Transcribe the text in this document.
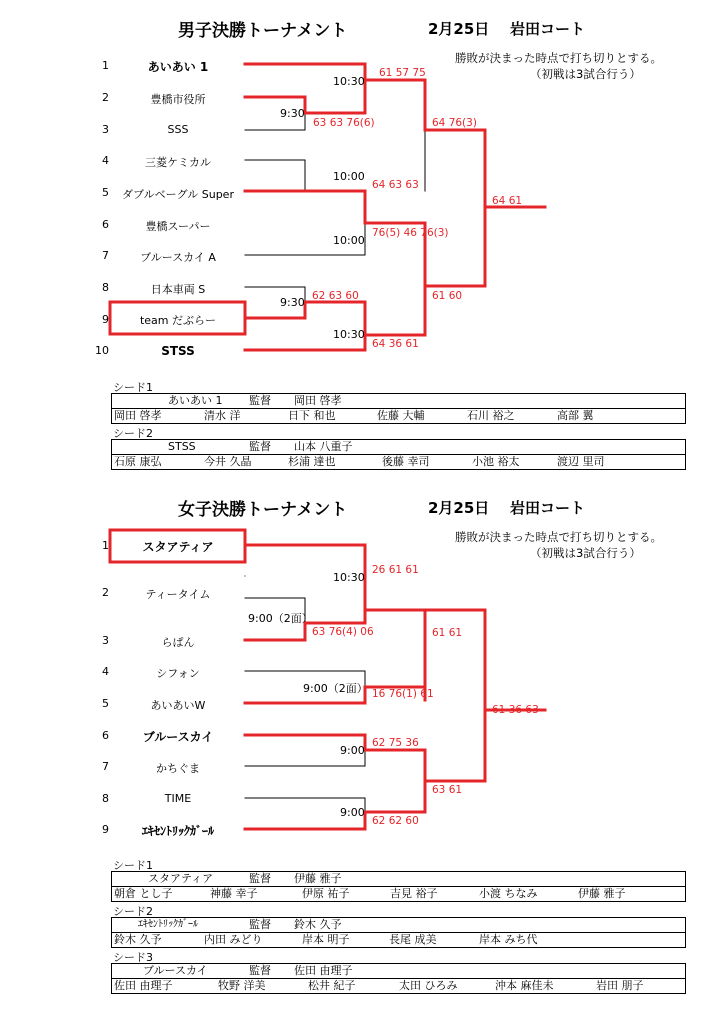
男子決勝トーナメント	2月25日 岩田コート
勝敗が決まった時点で打ち切りとする。
（初戦は3試合行う）
1
2
3
4
5
6
7
8
9
10
あいあい 1
豊橋市役所
SSS
三菱ケミカル
ダブルベーグル Super
豊橋スーパー
ブルースカイ A
日本車両 S
team だぶらー
STSS
10:30
9:30
10:00
10:00
9:30
10:30
61 57 75
63 63 76(6)
64 63 63
76(5) 46 76(3)
62 63 60
64 36 61
64 76(3)
61 60
64 61
シード1
あいあい 1 監督 岡田 啓孝
岡田 啓孝	清水 洋	日下 和也	佐藤 大輔	石川 裕之	高部 翼
シード2
STSS	監督 山本 八重子
石原 康弘	今井 久晶	杉浦 達也	後藤 幸司	小池 裕太	渡辺 里司
女子決勝トーナメント	2月25日 岩田コート
勝敗が決まった時点で打ち切りとする。
（初戦は3試合行う）
1
2
3
4
5
6
7
8
9
スタアティア
ティータイム
らぱん
シフォン
あいあいW
ブルースカイ
かちぐま
TIME
ｴｷｾﾝﾄﾘｯｸｶﾞｰﾙ
10:30
9:00（2面）
9:00（2面）
9:00
9:00
26 61 61
63 76(4) 06
16 76(1) 61
62 75 36
62 62 60
61 61
63 61
61 36 63
シード1
スタアティア	監督 伊藤 雅子
朝倉 とし子	神藤 幸子	伊原 祐子	吉見 裕子	小渡 ちなみ	伊藤 雅子
シード2
ｴｷｾﾝﾄﾘｯｸｶﾞｰﾙ	監督 鈴木 久予
鈴木 久予	内田 みどり	岸本 明子	長尾 成美	岸本 みち代
シード3
ブルースカイ	監督 佐田 由理子
佐田 由理子	牧野 洋美	松井 紀子	太田 ひろみ	沖本 麻佳未	岩田 朋子
